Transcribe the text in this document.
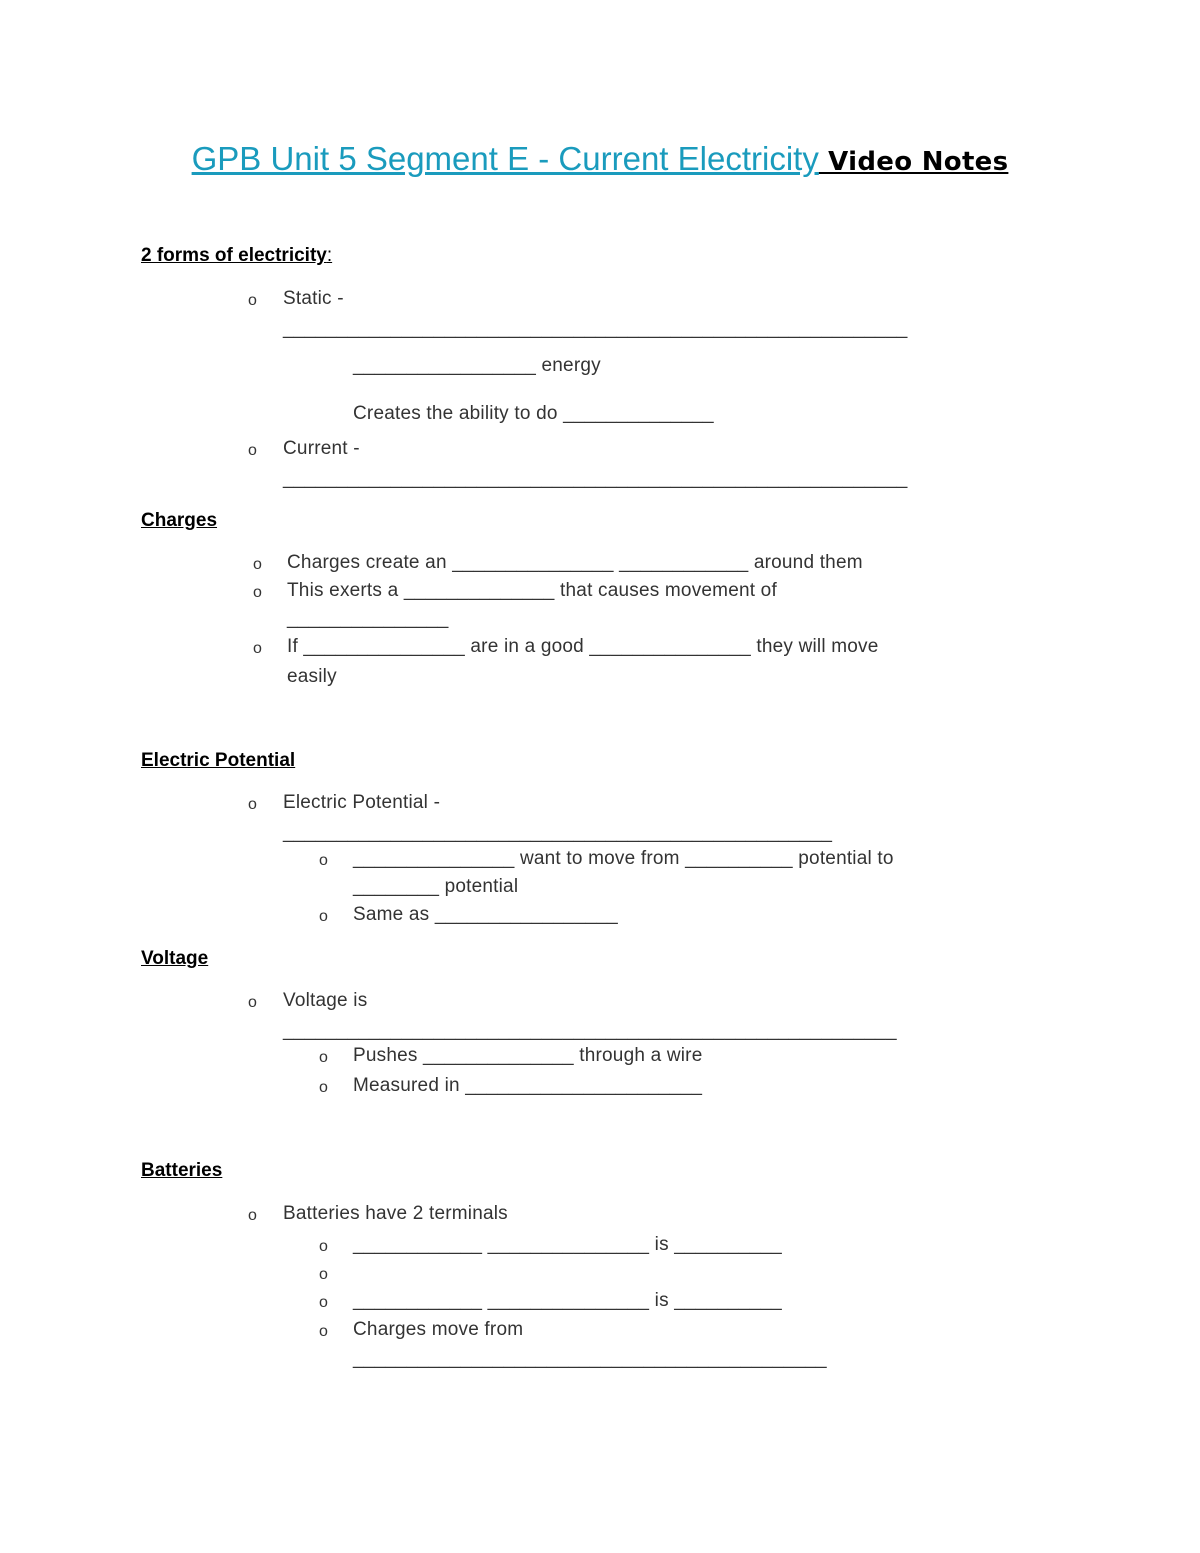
GPB Unit 5 Segment E - Current Electricity Video Notes
2 forms of electricity:
o Static -
__________________________________________________________
_________________ energy
Creates the ability to do ______________
o Current -
__________________________________________________________
Charges
o Charges create an _______________ ____________ around them
o This exerts a ______________ that causes movement of
_______________
o If _______________ are in a good _______________ they will move
easily
Electric Potential
o Electric Potential -
___________________________________________________
o _______________ want to move from __________ potential to
________ potential
o Same as _________________
Voltage
o Voltage is
_________________________________________________________
o Pushes ______________ through a wire
o Measured in ______________________
Batteries
o Batteries have 2 terminals
o ____________ _______________ is __________
o
o ____________ _______________ is __________
o Charges move from
____________________________________________
